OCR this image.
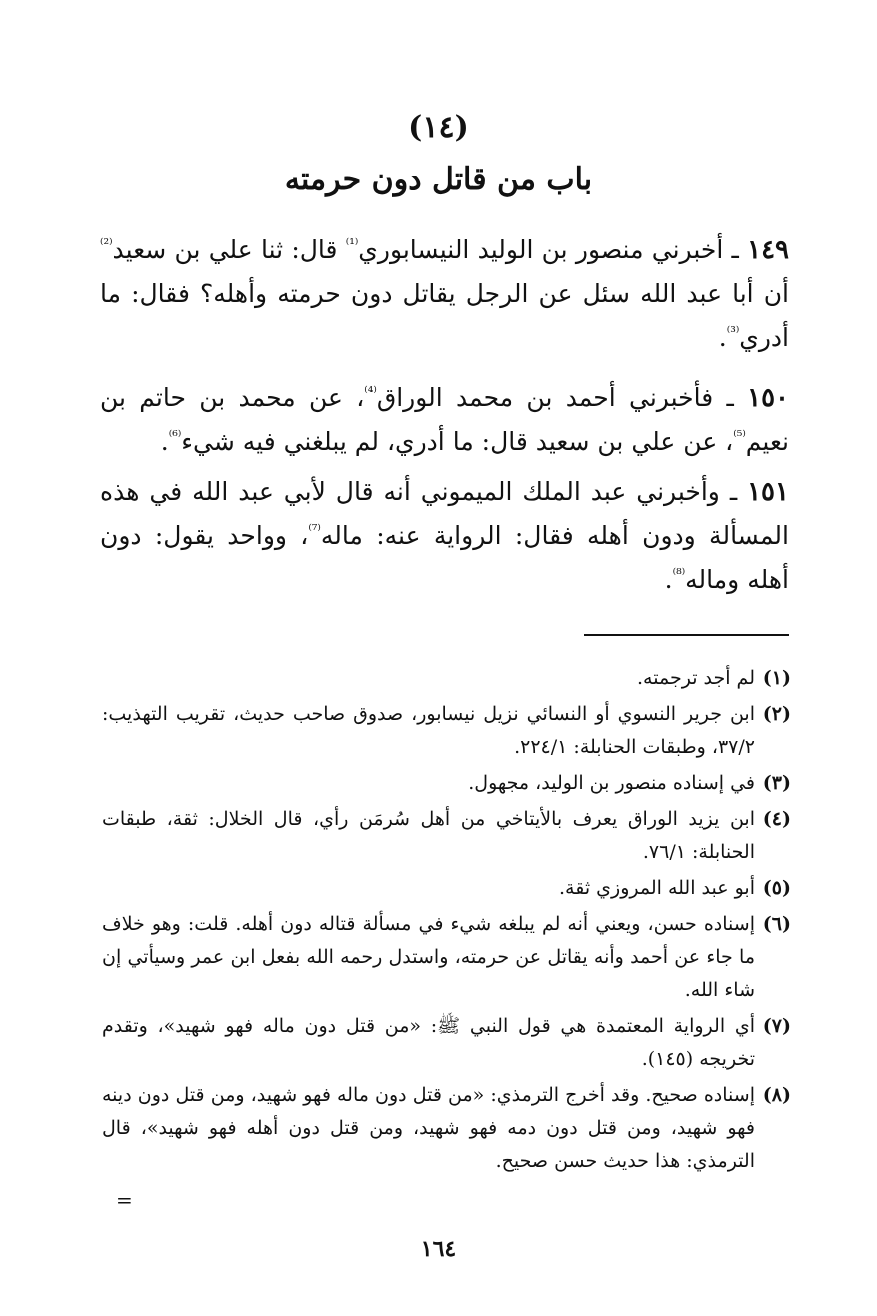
(١٤)
باب من قاتل دون حرمته

١٤٩ ـ أخبرني منصور بن الوليد النيسابوري$^{^{(1)}}$ قال: ثنا علي بن سعيد$^{^{(2)}}$ أن أبا عبد الله سئل عن الرجل يقاتل دون حرمته وأهله؟ فقال: ما أدري$^{^{(3)}}$.

١٥٠ ـ فأخبرني أحمد بن محمد الوراق$^{^{(4)}}$، عن محمد بن حاتم بن نعيم$^{^{(5)}}$، عن علي بن سعيد قال: ما أدري، لم يبلغني فيه شيء$^{^{(6)}}$.

١٥١ ـ وأخبرني عبد الملك الميموني أنه قال لأبي عبد الله في هذه المسألة ودون أهله فقال: الرواية عنه: ماله$^{^{(7)}}$، وواحد يقول: دون أهله وماله$^{^{(8)}}$.

(١)
لم أجد ترجمته.
(٢)
ابن جرير النسوي أو النسائي نزيل نيسابور، صدوق صاحب حديث، تقريب التهذيب: ٣٧/٢، وطبقات الحنابلة: ٢٢٤/١.
(٣)
في إسناده منصور بن الوليد، مجهول.
(٤)
ابن يزيد الوراق يعرف بالأيتاخي من أهل سُرمَن رأي، قال الخلال: ثقة، طبقات الحنابلة: ٧٦/١.
(٥)
أبو عبد الله المروزي ثقة.
(٦)
إسناده حسن، ويعني أنه لم يبلغه شيء في مسألة قتاله دون أهله. قلت: وهو خلاف ما جاء عن أحمد وأنه يقاتل عن حرمته، واستدل رحمه الله بفعل ابن عمر وسيأتي إن شاء الله.
(٧)
أي الرواية المعتمدة هي قول النبي ﷺ: «من قتل دون ماله فهو شهيد»، وتقدم تخريجه (١٤٥).
(٨)
إسناده صحيح. وقد أخرج الترمذي: «من قتل دون ماله فهو شهيد، ومن قتل دون دينه فهو شهيد، ومن قتل دون دمه فهو شهيد، ومن قتل دون أهله فهو شهيد»، قال الترمذي: هذا حديث حسن صحيح.
=
١٦٤
